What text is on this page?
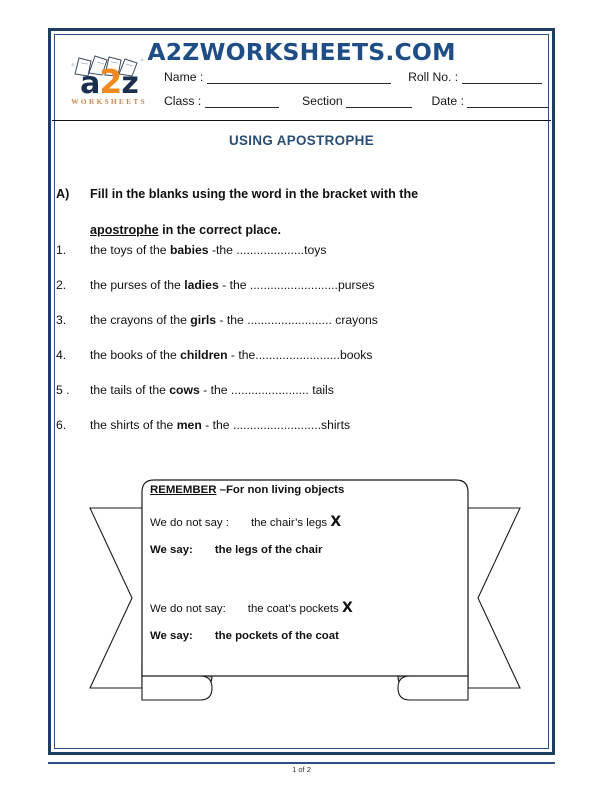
A2ZWORKSHEETS.COM
a2z
WORKSHEETS
Name :	Roll No. :
Class :	Section	Date :
USING APOSTROPHE
A) Fill in the blanks using the word in the bracket with the
apostrophe in the correct place.
1.	the toys of the babies -the ....................toys
2.	the purses of the ladies - the ..........................purses
3.	the crayons of the girls - the ......................... crayons
4.	the books of the children - the.........................books
5 .	the tails of the cows - the ....................... tails
6.	the shirts of the men - the ..........................shirts
REMEMBER –For non living objects
We do not say : the chair’s legs X
We say: the legs of the chair
We do not say: the coat’s pockets X
We say: the pockets of the coat
1 of 2
